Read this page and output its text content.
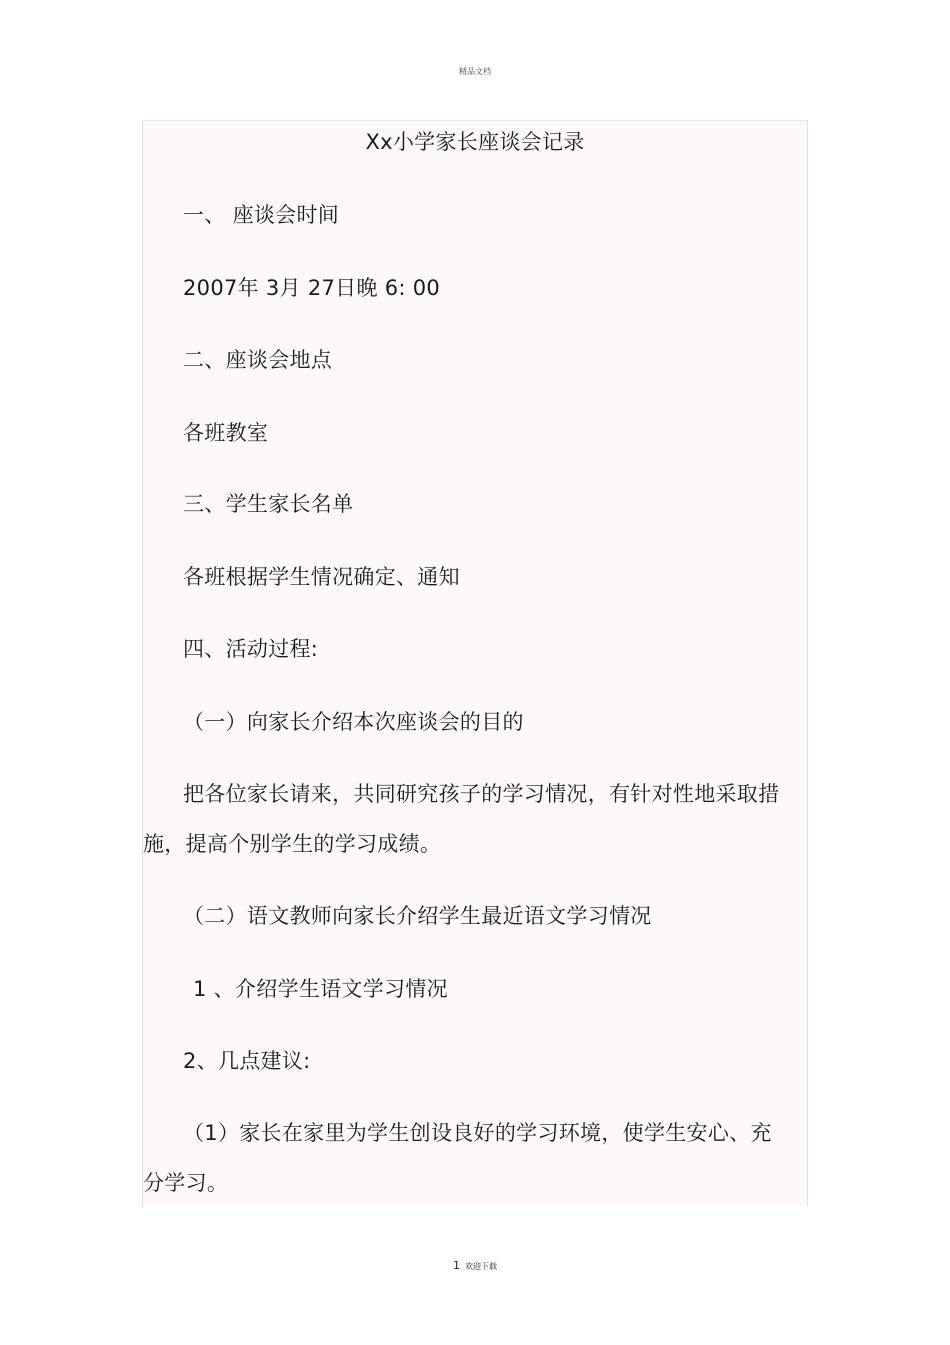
精品文档
Xx小学家长座谈会记录
一、 座谈会时间
2007年 3月 27日晚 6: 00
二、座谈会地点
各班教室
三、学生家长名单
各班根据学生情况确定、通知
四、活动过程:
（一）向家长介绍本次座谈会的目的
把各位家长请来，共同研究孩子的学习情况，有针对性地采取措
施，提高个别学生的学习成绩。
（二）语文教师向家长介绍学生最近语文学习情况
1 、介绍学生语文学习情况
2、几点建议:
（1）家长在家里为学生创设良好的学习环境，使学生安心、充
分学习。
1 欢迎下载
